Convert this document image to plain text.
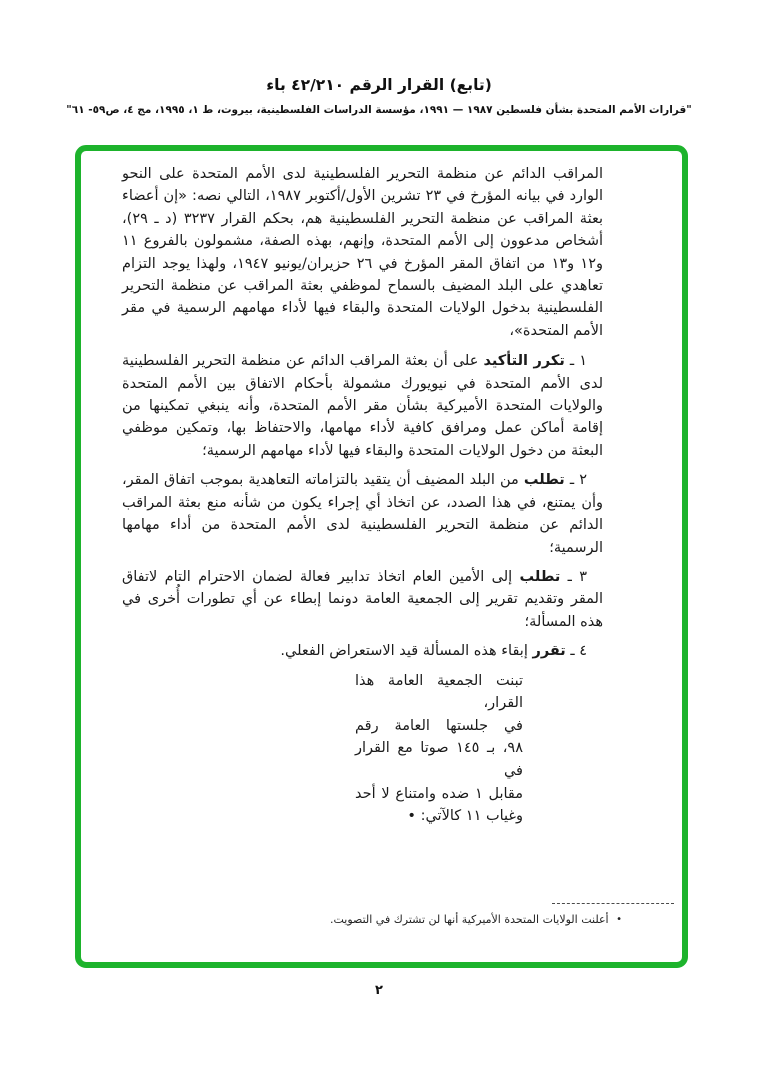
(تابع) القرار الرقم ٤٢/٢١٠ باء
"قرارات الأمم المتحدة بشأن فلسطين ١٩٨٧ — ١٩٩١، مؤسسة الدراسات الفلسطينية، بيروت، ط ١، ١٩٩٥، مج ٤، ص٥٩- ٦١"

المراقب الدائم عن منظمة التحرير الفلسطينية لدى الأمم المتحدة على النحو الوارد في بيانه المؤرخ في ٢٣ تشرين الأول/أكتوبر ١٩٨٧، التالي نصه: «إن أعضاء بعثة المراقب عن منظمة التحرير الفلسطينية هم، بحكم القرار ٣٢٣٧ (د ـ ٢٩)، أشخاص مدعوون إلى الأمم المتحدة، وإنهم، بهذه الصفة، مشمولون بالفروع ١١ و١٢ و١٣ من اتفاق المقر المؤرخ في ٢٦ حزيران/يونيو ١٩٤٧، ولهذا يوجد التزام تعاهدي على البلد المضيف بالسماح لموظفي بعثة المراقب عن منظمة التحرير الفلسطينية بدخول الولايات المتحدة والبقاء فيها لأداء مهامهم الرسمية في مقر الأمم المتحدة»،

١ ـ تكرر التأكيد على أن بعثة المراقب الدائم عن منظمة التحرير الفلسطينية لدى الأمم المتحدة في نيويورك مشمولة بأحكام الاتفاق بين الأمم المتحدة والولايات المتحدة الأميركية بشأن مقر الأمم المتحدة، وأنه ينبغي تمكينها من إقامة أماكن عمل ومرافق كافية لأداء مهامها، والاحتفاظ بها، وتمكين موظفي البعثة من دخول الولايات المتحدة والبقاء فيها لأداء مهامهم الرسمية؛

٢ ـ تطلب من البلد المضيف أن يتقيد بالتزاماته التعاهدية بموجب اتفاق المقر، وأن يمتنع، في هذا الصدد، عن اتخاذ أي إجراء يكون من شأنه منع بعثة المراقب الدائم عن منظمة التحرير الفلسطينية لدى الأمم المتحدة من أداء مهامها الرسمية؛

٣ ـ تطلب إلى الأمين العام اتخاذ تدابير فعالة لضمان الاحترام التام لاتفاق المقر وتقديم تقرير إلى الجمعية العامة دونما إبطاء عن أي تطورات أُخرى في هذه المسألة؛

٤ ـ تقرر إبقاء هذه المسألة قيد الاستعراض الفعلي.

تبنت الجمعية العامة هذا القرار،
في جلستها العامة رقم
٩٨، بـ ١٤٥ صوتا مع القرار في
مقابل ١ ضده وامتناع لا أحد
وغياب ١١ كالآتي: •
• أعلنت الولايات المتحدة الأميركية أنها لن تشترك في التصويت.
٢
